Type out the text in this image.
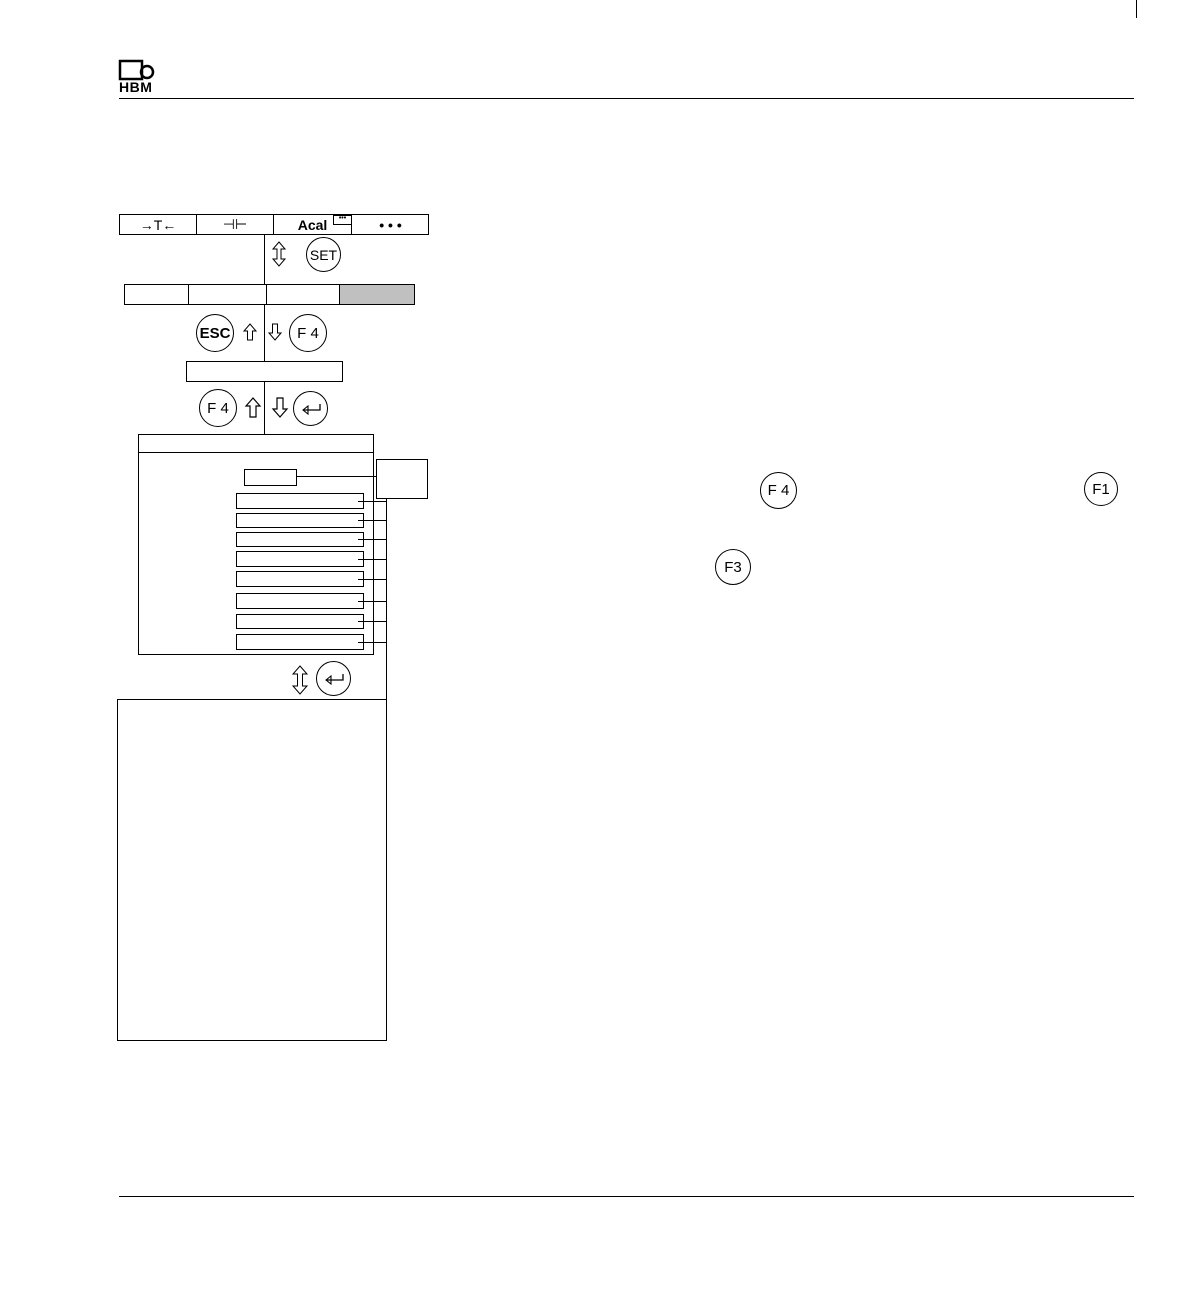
HBM
→T←	⊣⊢	Acal	•••	• • •
SET
ESC	F 4
F 4
F 4	F1
F3
